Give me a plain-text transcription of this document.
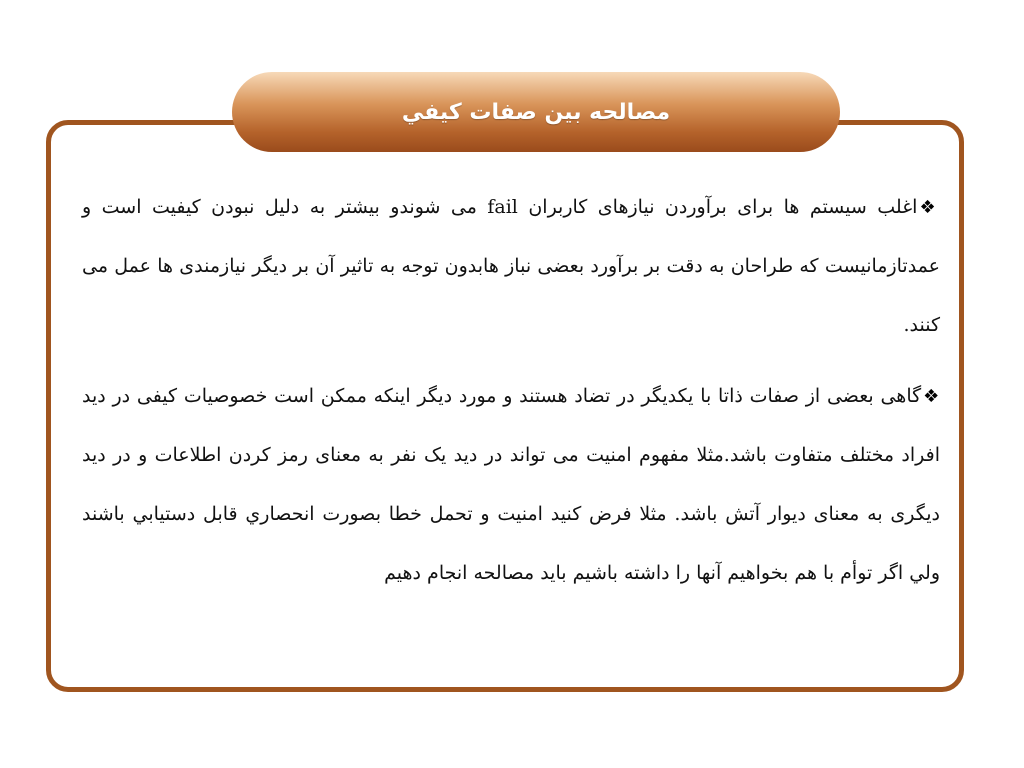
مصالحه بین صفات کیفي

❖اغلب سیستم ها برای برآوردن نیازهای کاربران fail می شوندو بیشتر به دلیل نبودن کیفیت است و عمدتازمانیست که طراحان به دقت بر برآورد بعضی نباز هابدون توجه به تاثیر آن بر دیگر نیازمندی ها عمل می کنند.

❖گاهی بعضی از صفات ذاتا با یکدیگر در تضاد هستند و مورد دیگر اینکه ممکن است خصوصیات کیفی در دید افراد مختلف متفاوت باشد.مثلا مفهوم امنیت می تواند در دید یک نفر به معنای رمز کردن اطلاعات و در دید دیگری به معنای دیوار آتش باشد. مثلا فرض کنید امنیت و تحمل خطا بصورت انحصاري قابل دستیابي باشند ولي اگر توأم با هم بخواهیم آنها را داشته باشیم باید مصالحه انجام دهیم
